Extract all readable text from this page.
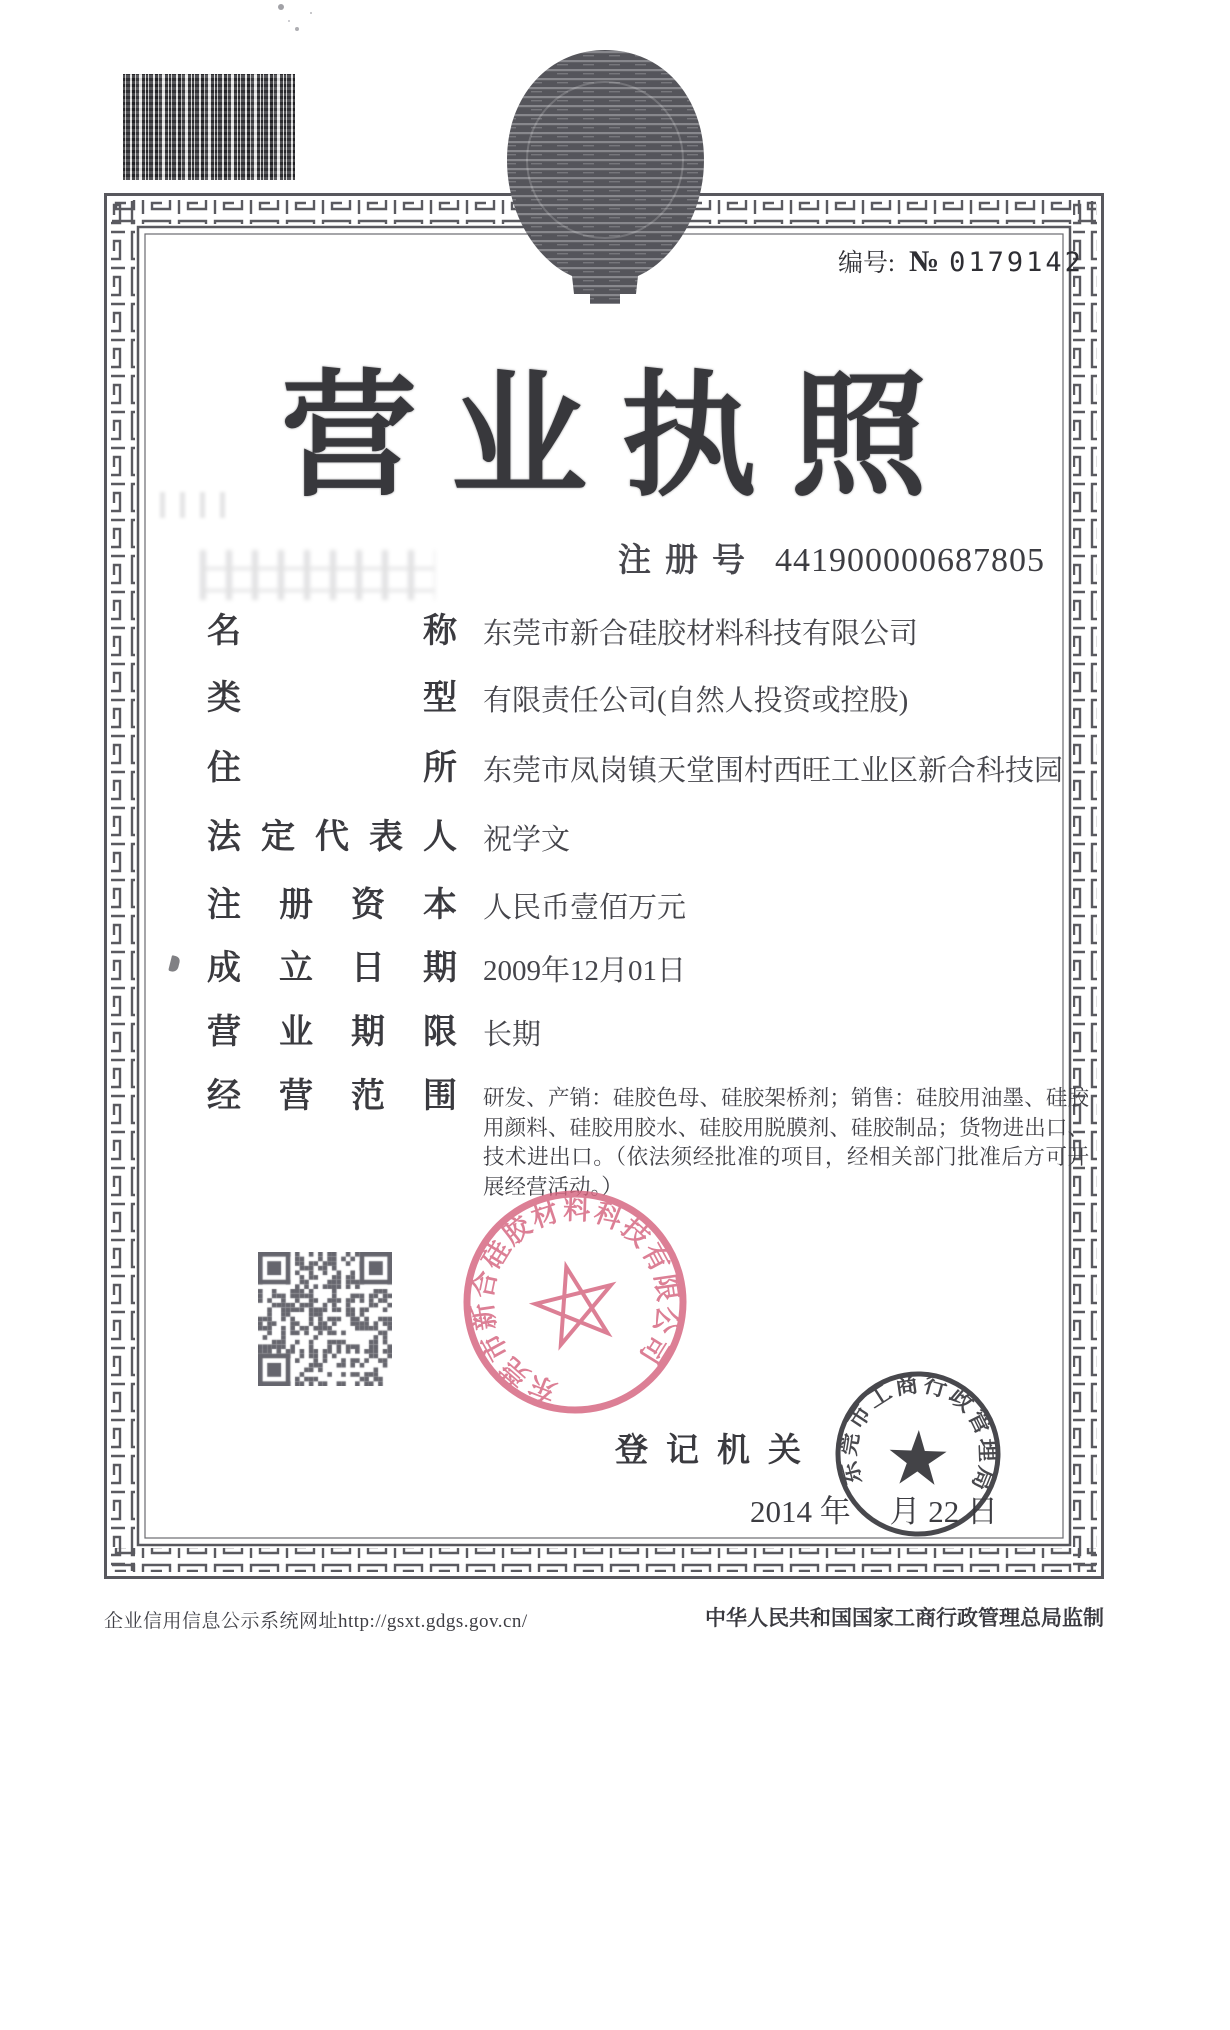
编号: № 0179142
营业执照
注册号 441900000687805
名称 东莞市新合硅胶材料科技有限公司
类型 有限责任公司(自然人投资或控股)
住所 东莞市凤岗镇天堂围村西旺工业区新合科技园
法定代表人 祝学文
注册资本 人民币壹佰万元
成立日期 2009年12月01日
营业期限 长期
经营范围 研发、产销：硅胶色母、硅胶架桥剂；销售：硅胶用油墨、硅胶用颜料、硅胶用胶水、硅胶用脱膜剂、硅胶制品；货物进出口、技术进出口。（依法须经批准的项目，经相关部门批准后方可开展经营活动。）
东莞市新合硅胶材料科技有限公司
登记机关
2014 年　 月 22 日
东莞市工商行政管理局
企业信用信息公示系统网址http://gsxt.gdgs.gov.cn/	中华人民共和国国家工商行政管理总局监制
